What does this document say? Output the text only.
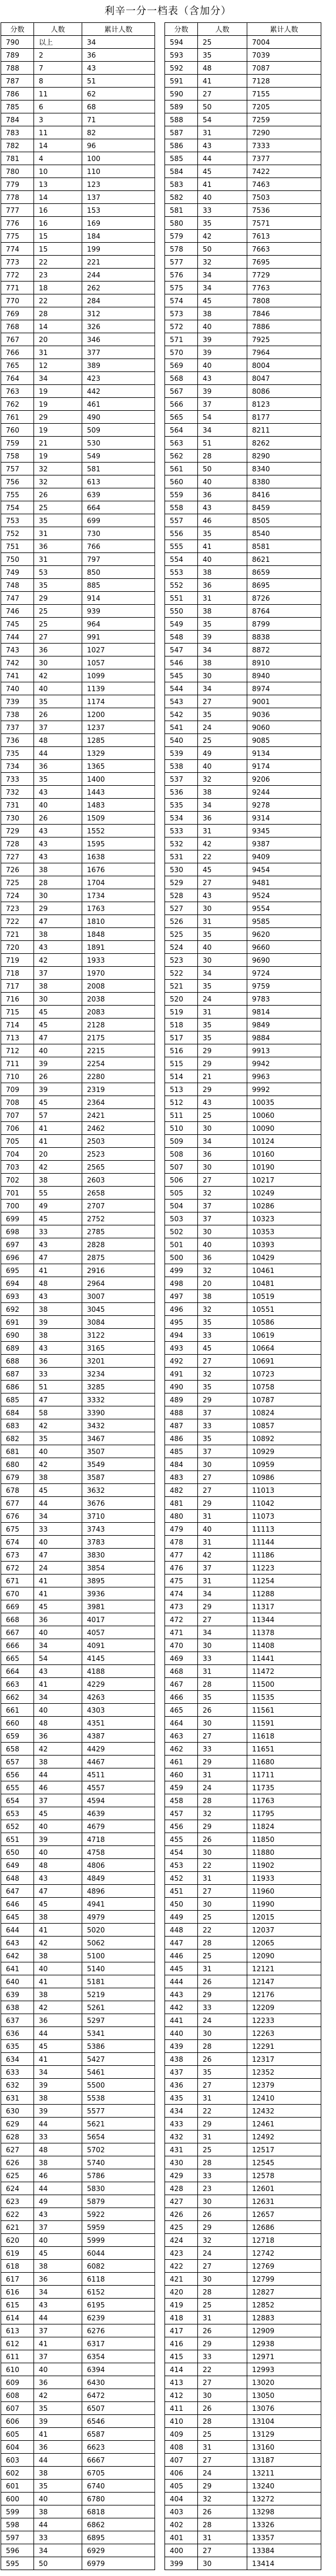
利辛一分一档表（含加分）
分数	人数	累计人数
790	以上	34
789	2	36
788	7	43
787	8	51
786	11	62
785	6	68
784	3	71
783	11	82
782	14	96
781	4	100
780	10	110
779	13	123
778	14	137
777	16	153
776	16	169
775	15	184
774	15	199
773	22	221
772	23	244
771	18	262
770	22	284
769	28	312
768	14	326
767	20	346
766	31	377
765	12	389
764	34	423
763	19	442
762	19	461
761	29	490
760	19	509
759	21	530
758	19	549
757	32	581
756	32	613
755	26	639
754	25	664
753	35	699
752	31	730
751	36	766
750	31	797
749	53	850
748	35	885
747	29	914
746	25	939
745	25	964
744	27	991
743	36	1027
742	30	1057
741	42	1099
740	40	1139
739	35	1174
738	26	1200
737	37	1237
736	48	1285
735	44	1329
734	36	1365
733	35	1400
732	43	1443
731	40	1483
730	26	1509
729	43	1552
728	43	1595
727	43	1638
726	38	1676
725	28	1704
724	30	1734
723	29	1763
722	47	1810
721	38	1848
720	43	1891
719	42	1933
718	37	1970
717	38	2008
716	30	2038
715	45	2083
714	45	2128
713	47	2175
712	40	2215
711	39	2254
710	26	2280
709	39	2319
708	45	2364
707	57	2421
706	41	2462
705	41	2503
704	20	2523
703	42	2565
702	38	2603
701	55	2658
700	49	2707
699	45	2752
698	33	2785
697	43	2828
696	47	2875
695	41	2916
694	48	2964
693	43	3007
692	38	3045
691	39	3084
690	38	3122
689	43	3165
688	36	3201
687	33	3234
686	51	3285
685	47	3332
684	58	3390
683	42	3432
682	35	3467
681	40	3507
680	42	3549
679	38	3587
678	45	3632
677	44	3676
676	34	3710
675	33	3743
674	40	3783
673	47	3830
672	24	3854
671	41	3895
670	41	3936
669	45	3981
668	36	4017
667	40	4057
666	34	4091
665	54	4145
664	43	4188
663	41	4229
662	34	4263
661	40	4303
660	48	4351
659	36	4387
658	42	4429
657	38	4467
656	44	4511
655	46	4557
654	37	4594
653	45	4639
652	40	4679
651	39	4718
650	40	4758
649	48	4806
648	43	4849
647	47	4896
646	45	4941
645	38	4979
644	41	5020
643	42	5062
642	38	5100
641	40	5140
640	41	5181
639	38	5219
638	42	5261
637	36	5297
636	44	5341
635	45	5386
634	41	5427
633	34	5461
632	39	5500
631	38	5538
630	39	5577
629	44	5621
628	33	5654
627	48	5702
626	38	5740
625	46	5786
624	44	5830
623	49	5879
622	43	5922
621	37	5959
620	40	5999
619	45	6044
618	38	6082
617	36	6118
616	34	6152
615	43	6195
614	44	6239
613	37	6276
612	41	6317
611	37	6354
610	40	6394
609	36	6430
608	42	6472
607	35	6507
606	39	6546
605	41	6587
604	36	6623
603	44	6667
602	38	6705
601	35	6740
600	40	6780
599	38	6818
598	44	6862
597	33	6895
596	34	6929
595	50	6979
分数	人数	累计人数
594	25	7004
593	35	7039
592	48	7087
591	41	7128
590	27	7155
589	50	7205
588	54	7259
587	31	7290
586	43	7333
585	44	7377
584	45	7422
583	41	7463
582	40	7503
581	33	7536
580	35	7571
579	42	7613
578	50	7663
577	32	7695
576	34	7729
575	34	7763
574	45	7808
573	38	7846
572	40	7886
571	39	7925
570	39	7964
569	40	8004
568	43	8047
567	39	8086
566	37	8123
565	54	8177
564	34	8211
563	51	8262
562	28	8290
561	50	8340
560	40	8380
559	36	8416
558	43	8459
557	46	8505
556	35	8540
555	41	8581
554	40	8621
553	38	8659
552	36	8695
551	31	8726
550	38	8764
549	35	8799
548	39	8838
547	34	8872
546	38	8910
545	30	8940
544	34	8974
543	27	9001
542	35	9036
541	24	9060
540	25	9085
539	49	9134
538	40	9174
537	32	9206
536	38	9244
535	34	9278
534	36	9314
533	31	9345
532	42	9387
531	22	9409
530	45	9454
529	27	9481
528	43	9524
527	30	9554
526	31	9585
525	35	9620
524	40	9660
523	30	9690
522	34	9724
521	35	9759
520	24	9783
519	31	9814
518	35	9849
517	35	9884
516	29	9913
515	29	9942
514	21	9963
513	29	9992
512	43	10035
511	25	10060
510	30	10090
509	34	10124
508	36	10160
507	30	10190
506	27	10217
505	32	10249
504	37	10286
503	37	10323
502	30	10353
501	40	10393
500	36	10429
499	32	10461
498	20	10481
497	38	10519
496	32	10551
495	35	10586
494	33	10619
493	45	10664
492	27	10691
491	32	10723
490	35	10758
489	29	10787
488	37	10824
487	33	10857
486	35	10892
485	37	10929
484	30	10959
483	27	10986
482	27	11013
481	29	11042
480	31	11073
479	40	11113
478	31	11144
477	42	11186
476	37	11223
475	31	11254
474	34	11288
473	29	11317
472	27	11344
471	34	11378
470	30	11408
469	33	11441
468	31	11472
467	28	11500
466	35	11535
465	26	11561
464	30	11591
463	27	11618
462	33	11651
461	29	11680
460	31	11711
459	24	11735
458	28	11763
457	32	11795
456	29	11824
455	26	11850
454	30	11880
453	22	11902
452	31	11933
451	27	11960
450	30	11990
449	25	12015
448	22	12037
447	28	12065
446	25	12090
445	31	12121
444	26	12147
443	29	12176
442	33	12209
441	24	12233
440	30	12263
439	28	12291
438	26	12317
437	35	12352
436	27	12379
435	31	12410
434	22	12432
433	29	12461
432	31	12492
431	25	12517
430	28	12545
429	33	12578
428	23	12601
427	30	12631
426	26	12657
425	29	12686
424	32	12718
423	24	12742
422	27	12769
421	30	12799
420	28	12827
419	25	12852
418	31	12883
417	26	12909
416	29	12938
415	33	12971
414	22	12993
413	27	13020
412	30	13050
411	26	13076
410	28	13104
409	25	13129
408	31	13160
407	27	13187
406	24	13211
405	29	13240
404	32	13272
403	26	13298
402	28	13326
401	31	13357
400	27	13384
399	30	13414
